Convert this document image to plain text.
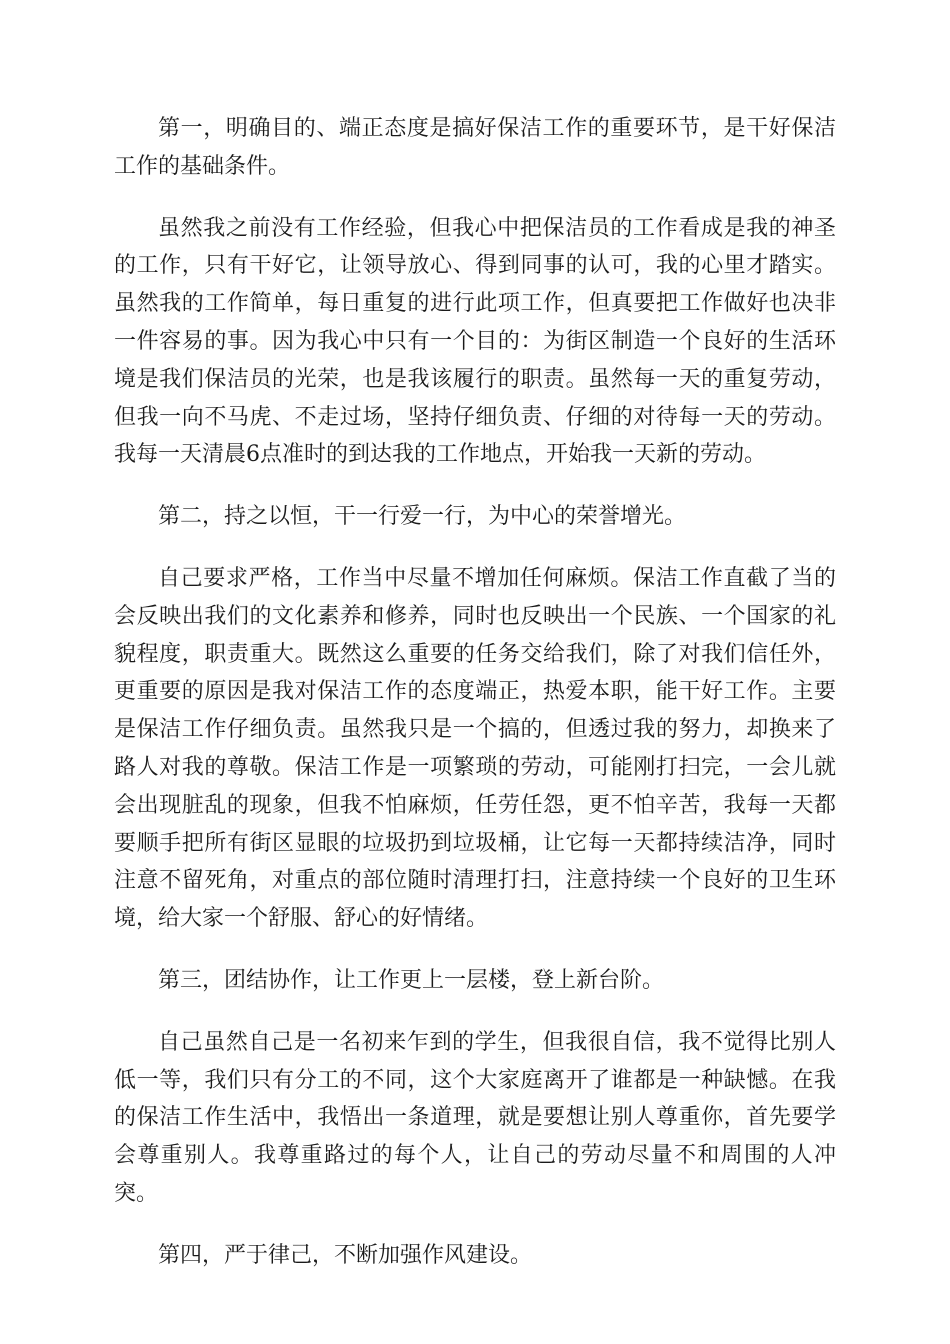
第一，明确目的、端正态度是搞好保洁工作的重要环节，是干好保洁工作的基础条件。

虽然我之前没有工作经验，但我心中把保洁员的工作看成是我的神圣的工作，只有干好它，让领导放心、得到同事的认可，我的心里才踏实。虽然我的工作简单，每日重复的进行此项工作，但真要把工作做好也决非一件容易的事。因为我心中只有一个目的：为街区制造一个良好的生活环境是我们保洁员的光荣，也是我该履行的职责。虽然每一天的重复劳动，但我一向不马虎、不走过场，坚持仔细负责、仔细的对待每一天的劳动。我每一天清晨6点准时的到达我的工作地点，开始我一天新的劳动。

第二，持之以恒，干一行爱一行，为中心的荣誉增光。

自己要求严格，工作当中尽量不增加任何麻烦。保洁工作直截了当的会反映出我们的文化素养和修养，同时也反映出一个民族、一个国家的礼貌程度，职责重大。既然这么重要的任务交给我们，除了对我们信任外，更重要的原因是我对保洁工作的态度端正，热爱本职，能干好工作。主要是保洁工作仔细负责。虽然我只是一个搞的，但透过我的努力，却换来了路人对我的尊敬。保洁工作是一项繁琐的劳动，可能刚打扫完，一会儿就会出现脏乱的现象，但我不怕麻烦，任劳任怨，更不怕辛苦，我每一天都要顺手把所有街区显眼的垃圾扔到垃圾桶，让它每一天都持续洁净，同时注意不留死角，对重点的部位随时清理打扫，注意持续一个良好的卫生环境，给大家一个舒服、舒心的好情绪。

第三，团结协作，让工作更上一层楼，登上新台阶。

自己虽然自己是一名初来乍到的学生，但我很自信，我不觉得比别人低一等，我们只有分工的不同，这个大家庭离开了谁都是一种缺憾。在我的保洁工作生活中，我悟出一条道理，就是要想让别人尊重你，首先要学会尊重别人。我尊重路过的每个人，让自己的劳动尽量不和周围的人冲突。

第四，严于律己，不断加强作风建设。
